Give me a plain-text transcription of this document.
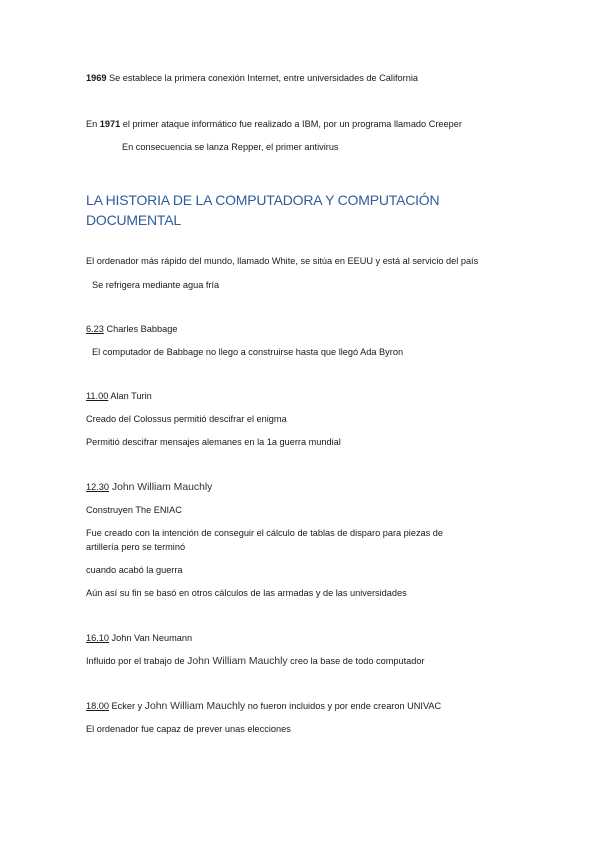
1969 Se establece la primera conexión Internet, entre universidades de California
En 1971 el primer ataque informático fue realizado a IBM, por un programa llamado Creeper
En consecuencia se lanza Repper, el primer antivirus
LA HISTORIA DE LA COMPUTADORA Y COMPUTACIÓN DOCUMENTAL
El ordenador más rápido del mundo, llamado White, se sitúa en EEUU y está al servicio del país
Se refrigera mediante agua fría
6.23 Charles Babbage
El computador de Babbage no llego a construirse hasta que llegó Ada Byron
11.00 Alan Turin
Creado del Colossus permitió descifrar el enigma
Permitió descifrar mensajes alemanes en la 1a guerra mundial
12.30 John William Mauchly
Construyen The ENIAC
Fue creado con la intención de conseguir el cálculo de tablas de disparo para piezas de
artillería pero se terminó
cuando acabó la guerra
Aún así su fin se basó en otros cálculos de las armadas y de las universidades
16.10 John Van Neumann
Influido por el trabajo de John William Mauchly creo la base de todo computador
18.00 Ecker y John William Mauchly no fueron incluidos y por ende crearon UNIVAC
El ordenador fue capaz de prever unas elecciones
